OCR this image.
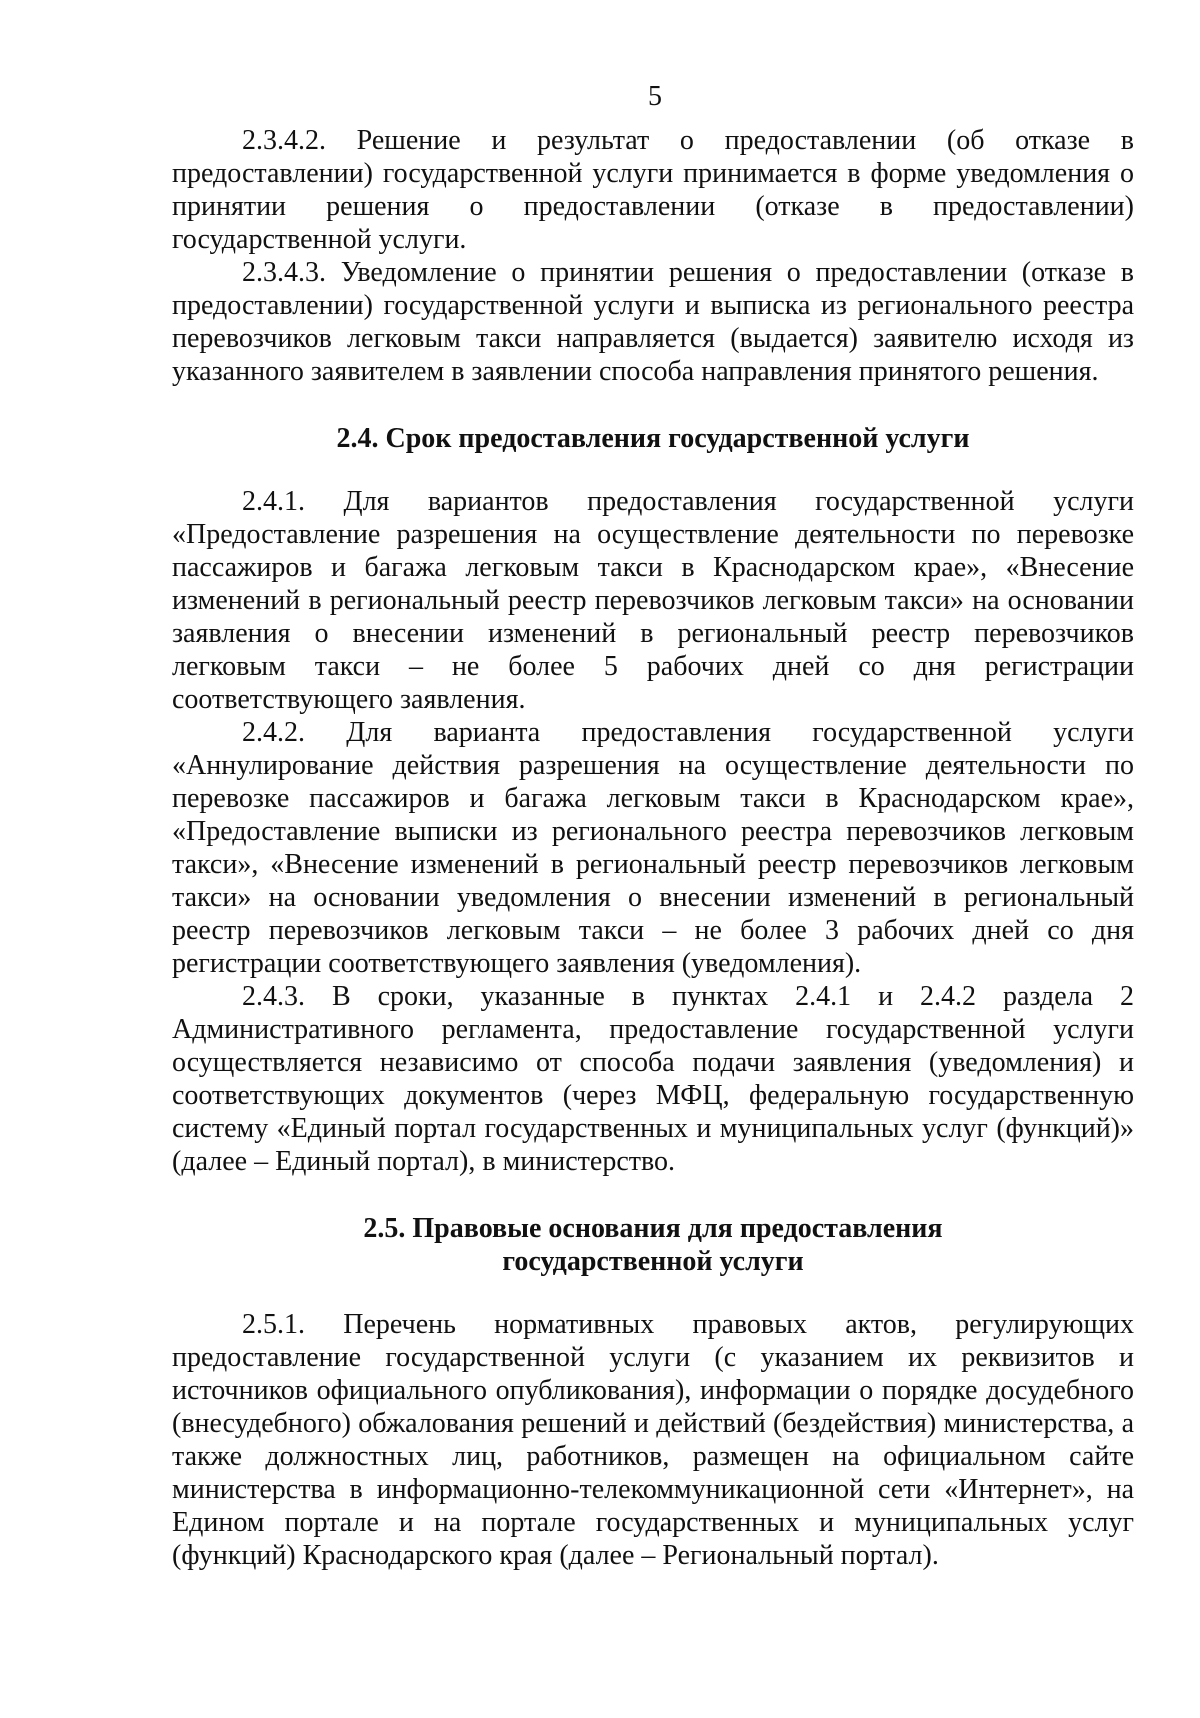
5

2.3.4.2. Решение и результат о предоставлении (об отказе в предоставлении) государственной услуги принимается в форме уведомления о принятии решения о предоставлении (отказе в предоставлении) государственной услуги.

2.3.4.3. Уведомление о принятии решения о предоставлении (отказе в предоставлении) государственной услуги и выписка из регионального реестра перевозчиков легковым такси направляется (выдается) заявителю исходя из указанного заявителем в заявлении способа направления принятого решения.

2.4. Срок предоставления государственной услуги

2.4.1. Для вариантов предоставления государственной услуги «Предоставление разрешения на осуществление деятельности по перевозке пассажиров и багажа легковым такси в Краснодарском крае», «Внесение изменений в региональный реестр перевозчиков легковым такси» на основании заявления о внесении изменений в региональный реестр перевозчиков легковым такси – не более 5 рабочих дней со дня регистрации соответствующего заявления.

2.4.2. Для варианта предоставления государственной услуги «Аннулирование действия разрешения на осуществление деятельности по перевозке пассажиров и багажа легковым такси в Краснодарском крае», «Предоставление выписки из регионального реестра перевозчиков легковым такси», «Внесение изменений в региональный реестр перевозчиков легковым такси» на основании уведомления о внесении изменений в региональный реестр перевозчиков легковым такси – не более 3 рабочих дней со дня регистрации соответствующего заявления (уведомления).

2.4.3. В сроки, указанные в пунктах 2.4.1 и 2.4.2 раздела 2 Административного регламента, предоставление государственной услуги осуществляется независимо от способа подачи заявления (уведомления) и соответствующих документов (через МФЦ, федеральную государственную систему «Единый портал государственных и муниципальных услуг (функций)» (далее – Единый портал), в министерство.

2.5. Правовые основания для предоставления
государственной услуги

2.5.1. Перечень нормативных правовых актов, регулирующих предоставление государственной услуги (с указанием их реквизитов и источников официального опубликования), информации о порядке досудебного (внесудебного) обжалования решений и действий (бездействия) министерства, а также должностных лиц, работников, размещен на официальном сайте министерства в информационно-телекоммуникационной сети «Интернет», на Едином портале и на портале государственных и муниципальных услуг (функций) Краснодарского края (далее – Региональный портал).
